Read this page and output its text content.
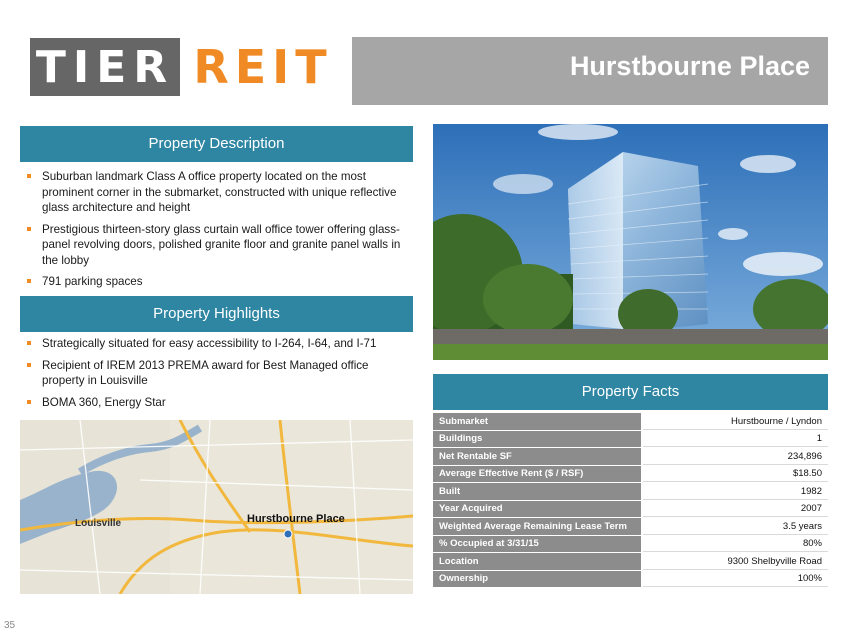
TIER REIT	Hurstbourne Place
Property Description
Suburban landmark Class A office property located on the most prominent corner in the submarket, constructed with unique reflective glass architecture and height
Prestigious thirteen-story glass curtain wall office tower offering glass-panel revolving doors, polished granite floor and granite panel walls in the lobby
791 parking spaces
Property Highlights
Strategically situated for easy accessibility to I-264, I-64, and I-71
Recipient of IREM 2013 PREMA award for Best Managed office property in Louisville
BOMA 360, Energy Star
Louisville	Hurstbourne Place
Property Facts
Submarket	Hurstbourne / Lyndon
Buildings	1
Net Rentable SF	234,896
Average Effective Rent ($ / RSF)	$18.50
Built	1982
Year Acquired	2007
Weighted Average Remaining Lease Term	3.5 years
% Occupied at 3/31/15	80%
Location	9300 Shelbyville Road
Ownership	100%
35
